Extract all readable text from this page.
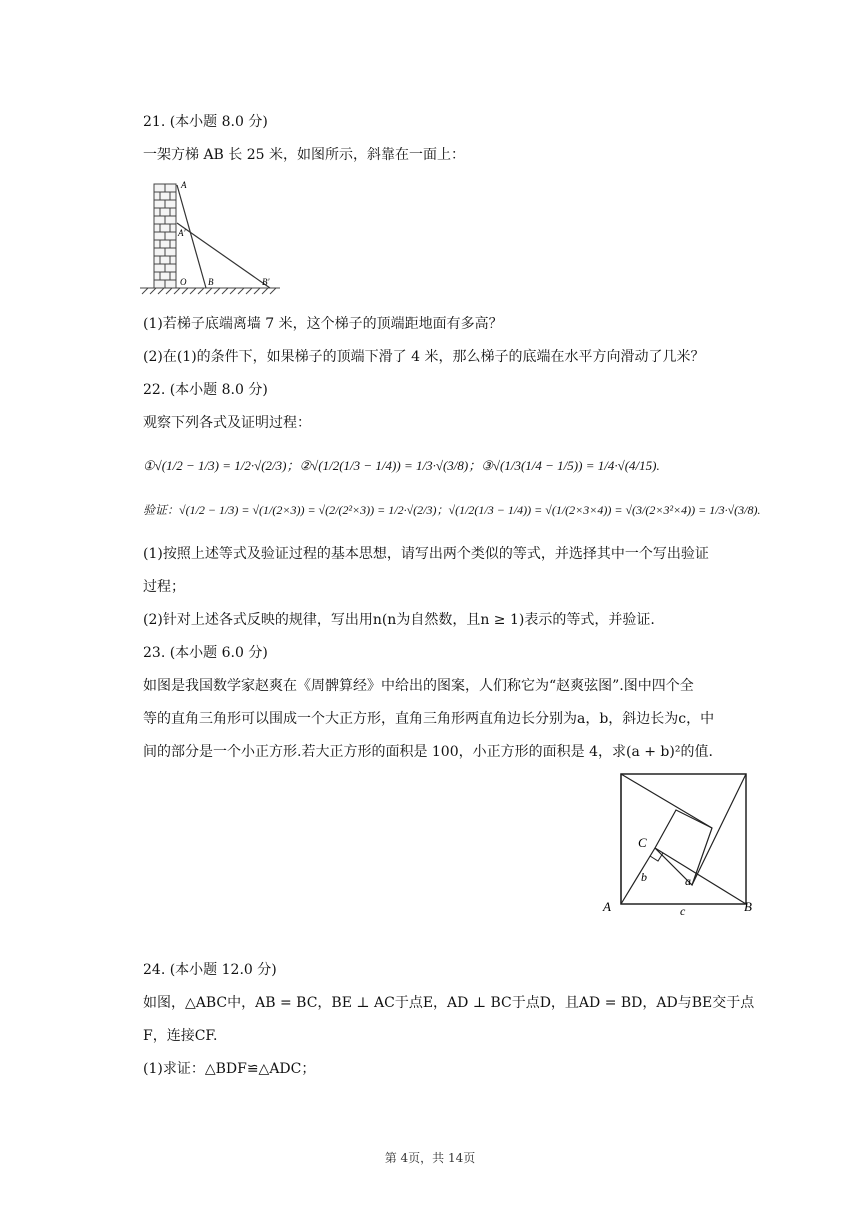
21. (本小题 8.0 分)

一架方梯 AB 长 25 米，如图所示，斜靠在一面上：

A
A'
O B	B'

(1)若梯子底端离墙 7 米，这个梯子的顶端距地面有多高？

(2)在(1)的条件下，如果梯子的顶端下滑了 4 米，那么梯子的底端在水平方向滑动了几米？

22. (本小题 8.0 分)

观察下列各式及证明过程：

①√(1/2 − 1/3) = 1/2·√(2/3)；②√(1/2(1/3 − 1/4)) = 1/3·√(3/8)；③√(1/3(1/4 − 1/5)) = 1/4·√(4/15).

验证：√(1/2 − 1/3) = √(1/(2×3)) = √(2/(2²×3)) = 1/2·√(2/3)；√(1/2(1/3 − 1/4)) = √(1/(2×3×4)) = √(3/(2×3²×4)) = 1/3·√(3/8).

(1)按照上述等式及验证过程的基本思想，请写出两个类似的等式，并选择其中一个写出验证

过程；

(2)针对上述各式反映的规律，写出用n(n为自然数，且n ≥ 1)表示的等式，并验证.

23. (本小题 6.0 分)

如图是我国数学家赵爽在《周髀算经》中给出的图案，人们称它为“赵爽弦图”.图中四个全

等的直角三角形可以围成一个大正方形，直角三角形两直角边长分别为a，b，斜边长为c，中

间的部分是一个小正方形.若大正方形的面积是 100，小正方形的面积是 4，求(a + b)²的值.

A	B
C
a
b
c

24. (本小题 12.0 分)

如图，△ABC中，AB = BC，BE ⊥ AC于点E，AD ⊥ BC于点D，且AD = BD，AD与BE交于点

F，连接CF.

(1)求证：△BDF≌△ADC；

第 4页，共 14页
